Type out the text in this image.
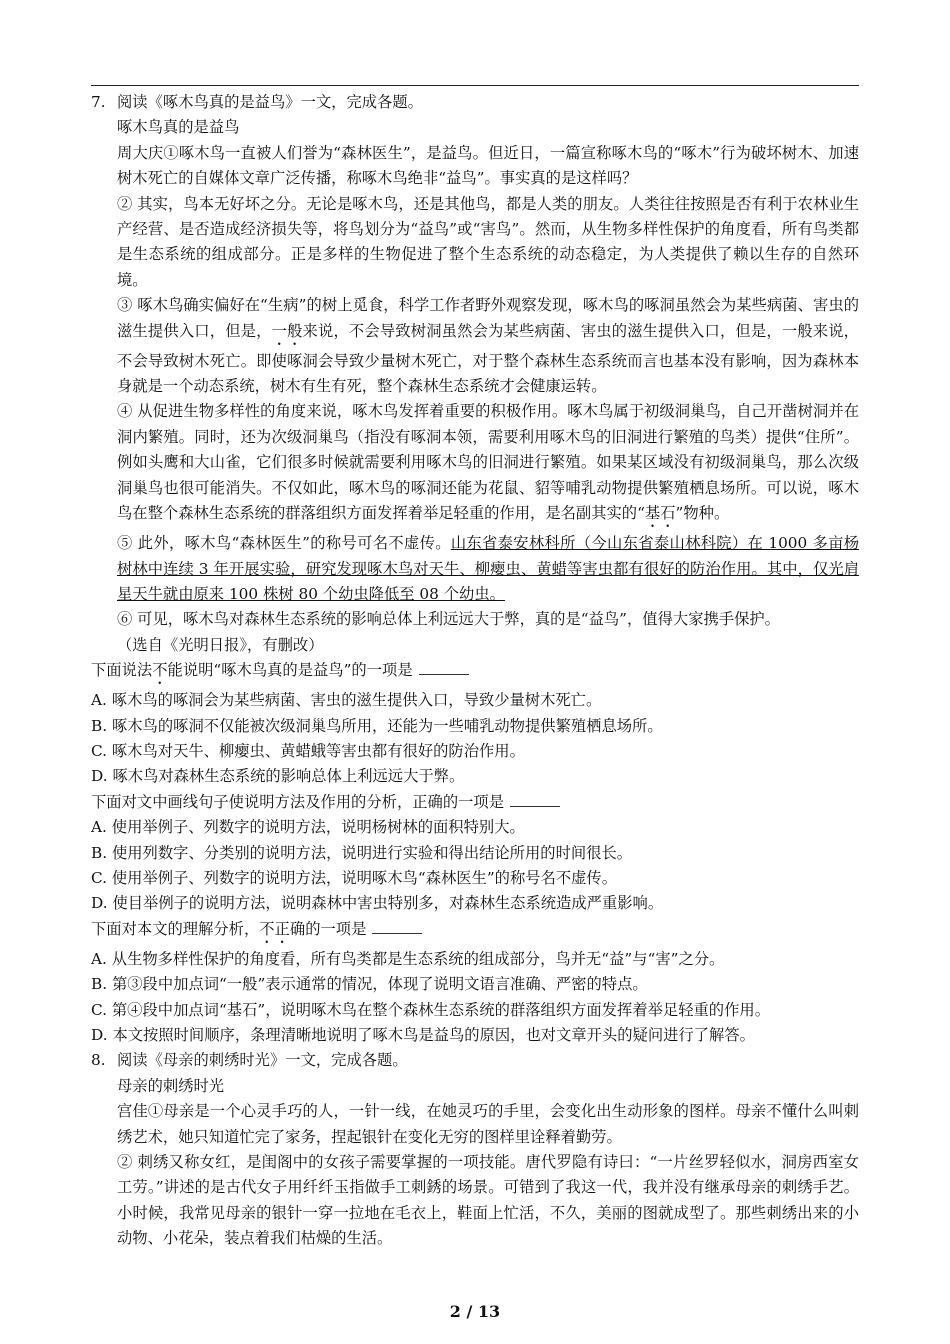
7. 阅读《啄木鸟真的是益鸟》一文，完成各题。

啄木鸟真的是益鸟

周大庆①啄木鸟一直被人们誉为“森林医生”，是益鸟。但近日，一篇宣称啄木鸟的“啄木”行为破坏树木、加速树木死亡的自媒体文章广泛传播，称啄木鸟绝非“益鸟”。事实真的是这样吗？

② 其实，鸟本无好坏之分。无论是啄木鸟，还是其他鸟，都是人类的朋友。人类往往按照是否有利于农林业生产经营、是否造成经济损失等，将鸟划分为“益鸟”或“害鸟”。然而，从生物多样性保护的角度看，所有鸟类都是生态系统的组成部分。正是多样的生物促进了整个生态系统的动态稳定，为人类提供了赖以生存的自然环境。

③ 啄木鸟确实偏好在“生病”的树上觅食，科学工作者野外观察发现，啄木鸟的啄洞虽然会为某些病菌、害虫的滋生提供入口，但是，一般来说，不会导致树洞虽然会为某些病菌、害虫的滋生提供入口，但是，一般来说，不会导致树木死亡。即使啄洞会导致少量树木死亡，对于整个森林生态系统而言也基本没有影响，因为森林本身就是一个动态系统，树木有生有死，整个森林生态系统才会健康运转。

④ 从促进生物多样性的角度来说，啄木鸟发挥着重要的积极作用。啄木鸟属于初级洞巢鸟，自己开凿树洞并在洞内繁殖。同时，还为次级洞巢鸟（指没有啄洞本领，需要利用啄木鸟的旧洞进行繁殖的鸟类）提供“住所”。例如头鹰和大山雀，它们很多时候就需要利用啄木鸟的旧洞进行繁殖。如果某区域没有初级洞巢鸟，那么次级洞巢鸟也很可能消失。不仅如此，啄木鸟的啄洞还能为花鼠、貂等哺乳动物提供繁殖栖息场所。可以说，啄木鸟在整个森林生态系统的群落组织方面发挥着举足轻重的作用，是名副其实的“基石”物种。

⑤ 此外，啄木鸟“森林医生”的称号可名不虚传。山东省泰安林科所（今山东省泰山林科院）在 1000 多亩杨树林中连续 3 年开展实验，研究发现啄木鸟对天牛、柳瘿虫、黄蜡等害虫都有很好的防治作用。其中，仅光肩星天牛就由原来 100 株树 80 个幼虫降低至 08 个幼虫。

⑥ 可见，啄木鸟对森林生态系统的影响总体上利远远大于弊，真的是“益鸟”，值得大家携手保护。

（选自《光明日报》，有删改）

下面说法不能说明“啄木鸟真的是益鸟”的一项是

A. 啄木鸟的啄洞会为某些病菌、害虫的滋生提供入口，导致少量树木死亡。

B. 啄木鸟的啄洞不仅能被次级洞巢鸟所用，还能为一些哺乳动物提供繁殖栖息场所。

C. 啄木鸟对天牛、柳瘿虫、黄蜡蛾等害虫都有很好的防治作用。

D. 啄木鸟对森林生态系统的影响总体上利远远大于弊。

下面对文中画线句子使说明方法及作用的分析，正确的一项是

A. 使用举例子、列数字的说明方法，说明杨树林的面积特别大。

B. 使用列数字、分类别的说明方法，说明进行实验和得出结论所用的时间很长。

C. 使用举例子、列数字的说明方法，说明啄木鸟“森林医生”的称号名不虚传。

D. 使目举例子的说明方法，说明森林中害虫特别多，对森林生态系统造成严重影响。

下面对本文的理解分析，不正确的一项是

A. 从生物多样性保护的角度看，所有鸟类都是生态系统的组成部分，鸟并无“益”与“害”之分。

B. 第③段中加点词“一般”表示通常的情况，体现了说明文语言准确、严密的特点。

C. 第④段中加点词“基石”，说明啄木鸟在整个森林生态系统的群落组织方面发挥着举足轻重的作用。

D. 本文按照时间顺序，条理清晰地说明了啄木鸟是益鸟的原因，也对文章开头的疑问进行了解答。

8. 阅读《母亲的刺绣时光》一文，完成各题。

母亲的刺绣时光

宫佳①母亲是一个心灵手巧的人，一针一线，在她灵巧的手里，会变化出生动形象的图样。母亲不懂什么叫刺绣艺术，她只知道忙完了家务，捏起银针在变化无穷的图样里诠释着勤劳。

② 刺绣又称女红，是闺阁中的女孩子需要掌握的一项技能。唐代罗隐有诗曰：“一片丝罗轻似水，洞房西室女工劳。”讲述的是古代女子用纤纤玉指做手工刺銹的场景。可错到了我这一代，我并没有继承母亲的刺绣手艺。小时候，我常见母亲的银针一穿一拉地在毛衣上，鞋面上忙活，不久，美丽的图就成型了。那些刺绣出来的小动物、小花朵，装点着我们枯燥的生活。

2 / 13
